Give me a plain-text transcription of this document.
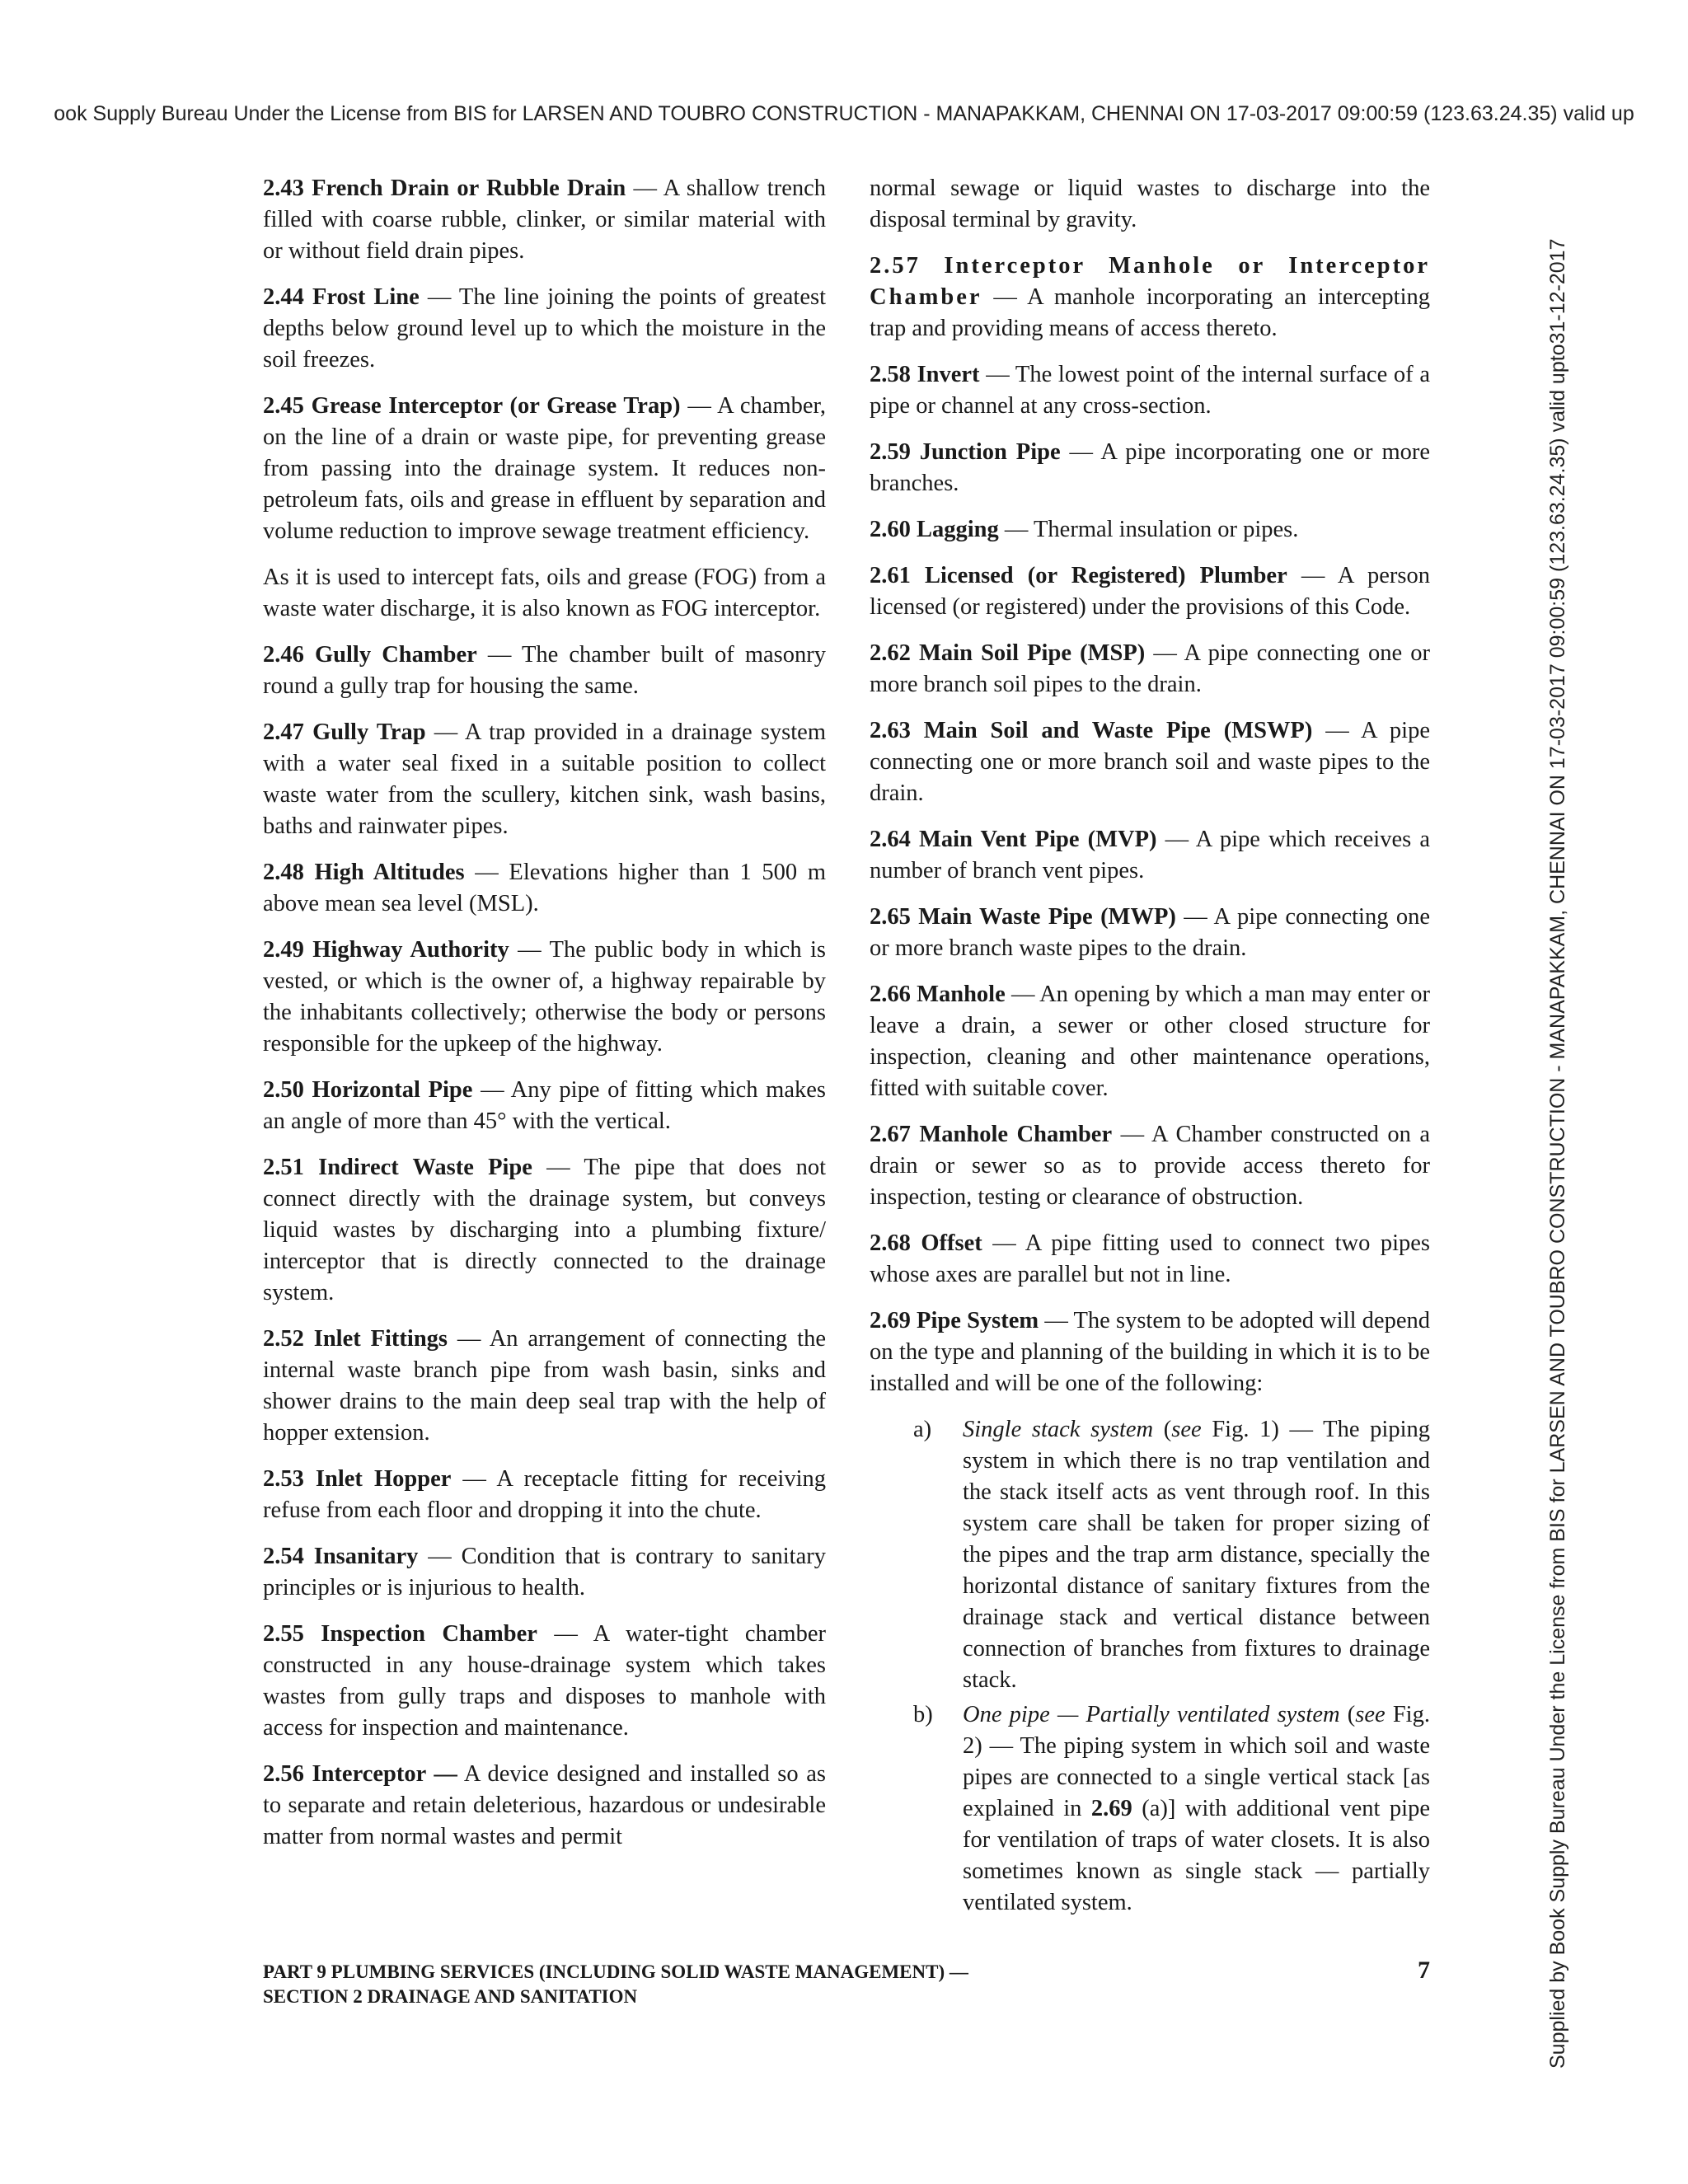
ook Supply Bureau Under the License from BIS for LARSEN AND TOUBRO CONSTRUCTION - MANAPAKKAM, CHENNAI ON 17-03-2017 09:00:59 (123.63.24.35) valid up
Supplied by Book Supply Bureau Under the License from BIS for LARSEN AND TOUBRO CONSTRUCTION - MANAPAKKAM, CHENNAI ON 17-03-2017 09:00:59 (123.63.24.35) valid upto31-12-2017

2.43 French Drain or Rubble Drain — A shallow trench filled with coarse rubble, clinker, or similar material with or without field drain pipes.

2.44 Frost Line — The line joining the points of greatest depths below ground level up to which the moisture in the soil freezes.

2.45 Grease Interceptor (or Grease Trap) — A chamber, on the line of a drain or waste pipe, for preventing grease from passing into the drainage system. It reduces non-petroleum fats, oils and grease in effluent by separation and volume reduction to improve sewage treatment efficiency.

As it is used to intercept fats, oils and grease (FOG) from a waste water discharge, it is also known as FOG interceptor.

2.46 Gully Chamber — The chamber built of masonry round a gully trap for housing the same.

2.47 Gully Trap — A trap provided in a drainage system with a water seal fixed in a suitable position to collect waste water from the scullery, kitchen sink, wash basins, baths and rainwater pipes.

2.48 High Altitudes — Elevations higher than 1 500 m above mean sea level (MSL).

2.49 Highway Authority — The public body in which is vested, or which is the owner of, a highway repairable by the inhabitants collectively; otherwise the body or persons responsible for the upkeep of the highway.

2.50 Horizontal Pipe — Any pipe of fitting which makes an angle of more than 45° with the vertical.

2.51 Indirect Waste Pipe — The pipe that does not connect directly with the drainage system, but conveys liquid wastes by discharging into a plumbing fixture/ interceptor that is directly connected to the drainage system.

2.52 Inlet Fittings — An arrangement of connecting the internal waste branch pipe from wash basin, sinks and shower drains to the main deep seal trap with the help of hopper extension.

2.53 Inlet Hopper — A receptacle fitting for receiving refuse from each floor and dropping it into the chute.

2.54 Insanitary — Condition that is contrary to sanitary principles or is injurious to health.

2.55 Inspection Chamber — A water-tight chamber constructed in any house-drainage system which takes wastes from gully traps and disposes to manhole with access for inspection and maintenance.

2.56 Interceptor — A device designed and installed so as to separate and retain deleterious, hazardous or undesirable matter from normal wastes and permit

normal sewage or liquid wastes to discharge into the disposal terminal by gravity.

2.57 Interceptor Manhole or Interceptor Chamber — A manhole incorporating an intercepting trap and providing means of access thereto.

2.58 Invert — The lowest point of the internal surface of a pipe or channel at any cross-section.

2.59 Junction Pipe — A pipe incorporating one or more branches.

2.60 Lagging — Thermal insulation or pipes.

2.61 Licensed (or Registered) Plumber — A person licensed (or registered) under the provisions of this Code.

2.62 Main Soil Pipe (MSP) — A pipe connecting one or more branch soil pipes to the drain.

2.63 Main Soil and Waste Pipe (MSWP) — A pipe connecting one or more branch soil and waste pipes to the drain.

2.64 Main Vent Pipe (MVP) — A pipe which receives a number of branch vent pipes.

2.65 Main Waste Pipe (MWP) — A pipe connecting one or more branch waste pipes to the drain.

2.66 Manhole — An opening by which a man may enter or leave a drain, a sewer or other closed structure for inspection, cleaning and other maintenance operations, fitted with suitable cover.

2.67 Manhole Chamber — A Chamber constructed on a drain or sewer so as to provide access thereto for inspection, testing or clearance of obstruction.

2.68 Offset — A pipe fitting used to connect two pipes whose axes are parallel but not in line.

2.69 Pipe System — The system to be adopted will depend on the type and planning of the building in which it is to be installed and will be one of the following:

a)	Single stack system (see Fig. 1) — The piping system in which there is no trap ventilation and the stack itself acts as vent through roof. In this system care shall be taken for proper sizing of the pipes and the trap arm distance, specially the horizontal distance of sanitary fixtures from the drainage stack and vertical distance between connection of branches from fixtures to drainage stack.
b)	One pipe — Partially ventilated system (see Fig. 2) — The piping system in which soil and waste pipes are connected to a single vertical stack [as explained in 2.69 (a)] with additional vent pipe for ventilation of traps of water closets. It is also sometimes known as single stack — partially ventilated system.
PART 9 PLUMBING SERVICES (INCLUDING SOLID WASTE MANAGEMENT) —
SECTION 2 DRAINAGE AND SANITATION
7
